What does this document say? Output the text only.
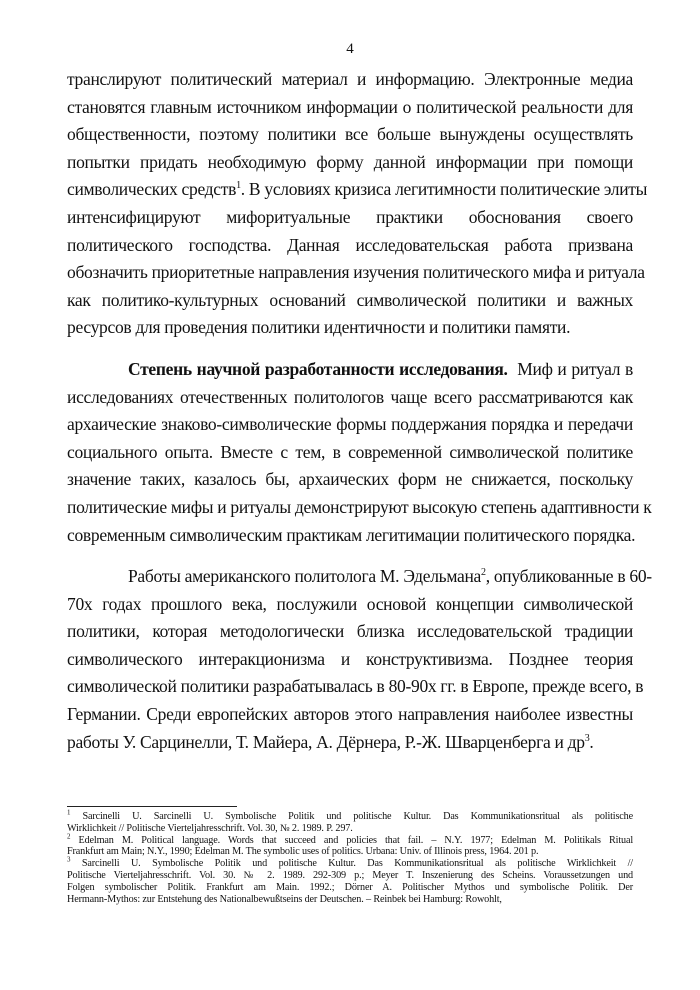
4
транслируют политический материал и информацию. Электронные медиа
становятся главным источником информации о политической реальности для
общественности, поэтому политики все больше вынуждены осуществлять
попытки придать необходимую форму данной информации при помощи
символических средств$^1$. В условиях кризиса легитимности политические элиты
интенсифицируют мифоритуальные практики обоснования своего
политического господства. Данная исследовательская работа призвана
обозначить приоритетные направления изучения политического мифа и ритуала
как политико-культурных оснований символической политики и важных
ресурсов для проведения политики идентичности и политики памяти.
Степень научной разработанности исследования. Миф и ритуал в
исследованиях отечественных политологов чаще всего рассматриваются как
архаические знаково-символические формы поддержания порядка и передачи
социального опыта. Вместе с тем, в современной символической политике
значение таких, казалось бы, архаических форм не снижается, поскольку
политические мифы и ритуалы демонстрируют высокую степень адаптивности к
современным символическим практикам легитимации политического порядка.
Работы американского политолога М. Эдельмана$^2$, опубликованные в 60-
70х годах прошлого века, послужили основой концепции символической
политики, которая методологически близка исследовательской традиции
символического интеракционизма и конструктивизма. Позднее теория
символической политики разрабатывалась в 80-90х гг. в Европе, прежде всего, в
Германии. Среди европейских авторов этого направления наиболее известны
работы У. Сарцинелли, Т. Майера, А. Дёрнера, Р.-Ж. Шварценберга и $др^3$.
$^1$ Sarcinelli U. Sarcinelli U. Symbolische Politik und politische Kultur. Das Kommunikationsritual als politische
Wirklichkeit // Politische Vierteljahresschrift. Vol. 30, № 2. 1989. P. 297.
$^2$ Edelman M. Political language. Words that succeed and policies that fail. – N.Y. 1977; Edelman M. Politikals Ritual
Frankfurt am Main; N.Y., 1990; Edelman M. The symbolic uses of politics. Urbana: Univ. of Illinois press, 1964. 201 p.
$^3$ Sarcinelli U. Symbolische Politik und politische Kultur. Das Kommunikationsritual als politische Wirklichkeit //
Politische Vierteljahresschrift. Vol. 30. № 2. 1989. 292-309 p.; Meyer T. Inszenierung des Scheins. Voraussetzungen und
Folgen symbolischer Politik. Frankfurt am Main. 1992.; Dörner A. Politischer Mythos und symbolische Politik. Der
Hermann-Mythos: zur Entstehung des Nationalbewußtseins der Deutschen. – Reinbek bei Hamburg: Rowohlt,
